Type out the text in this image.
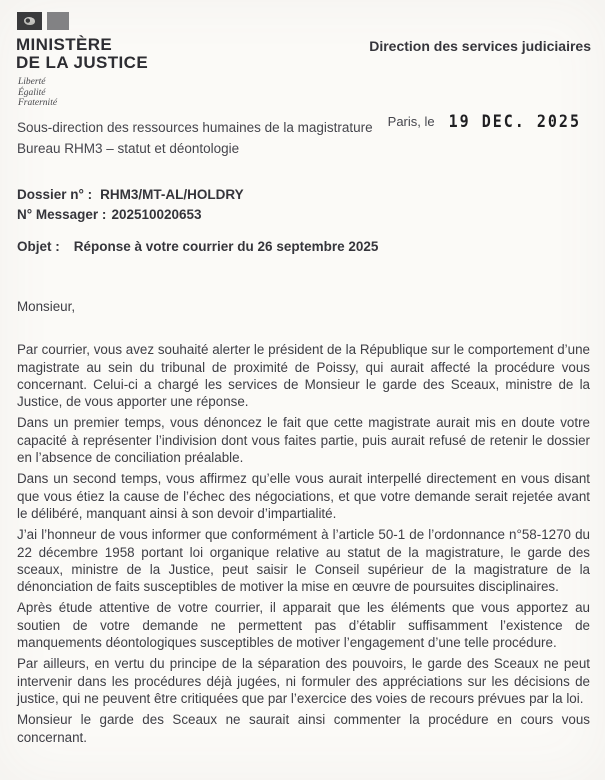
MINISTÈRE
DE LA JUSTICE
Liberté
Égalité
Fraternité
Direction des services judiciaires
Sous-direction des ressources humaines de la magistrature
Bureau RHM3 – statut et déontologie
Paris, le 19 DEC. 2025
Dossier n° : RHM3/MT-AL/HOLDRY
N° Messager : 202510020653
Objet : Réponse à votre courrier du 26 septembre 2025

Monsieur,

Par courrier, vous avez souhaité alerter le président de la République sur le comportement d’une magistrate au sein du tribunal de proximité de Poissy, qui aurait affecté la procédure vous concernant. Celui-ci a chargé les services de Monsieur le garde des Sceaux, ministre de la Justice, de vous apporter une réponse.

Dans un premier temps, vous dénoncez le fait que cette magistrate aurait mis en doute votre capacité à représenter l’indivision dont vous faites partie, puis aurait refusé de retenir le dossier en l’absence de conciliation préalable.

Dans un second temps, vous affirmez qu’elle vous aurait interpellé directement en vous disant que vous étiez la cause de l’échec des négociations, et que votre demande serait rejetée avant le délibéré, manquant ainsi à son devoir d’impartialité.

J’ai l’honneur de vous informer que conformément à l’article 50-1 de l’ordonnance n°58-1270 du 22 décembre 1958 portant loi organique relative au statut de la magistrature, le garde des sceaux, ministre de la Justice, peut saisir le Conseil supérieur de la magistrature de la dénonciation de faits susceptibles de motiver la mise en œuvre de poursuites disciplinaires.

Après étude attentive de votre courrier, il apparait que les éléments que vous apportez au soutien de votre demande ne permettent pas d’établir suffisamment l’existence de manquements déontologiques susceptibles de motiver l’engagement d’une telle procédure.

Par ailleurs, en vertu du principe de la séparation des pouvoirs, le garde des Sceaux ne peut intervenir dans les procédures déjà jugées, ni formuler des appréciations sur les décisions de justice, qui ne peuvent être critiquées que par l’exercice des voies de recours prévues par la loi.

Monsieur le garde des Sceaux ne saurait ainsi commenter la procédure en cours vous concernant.
